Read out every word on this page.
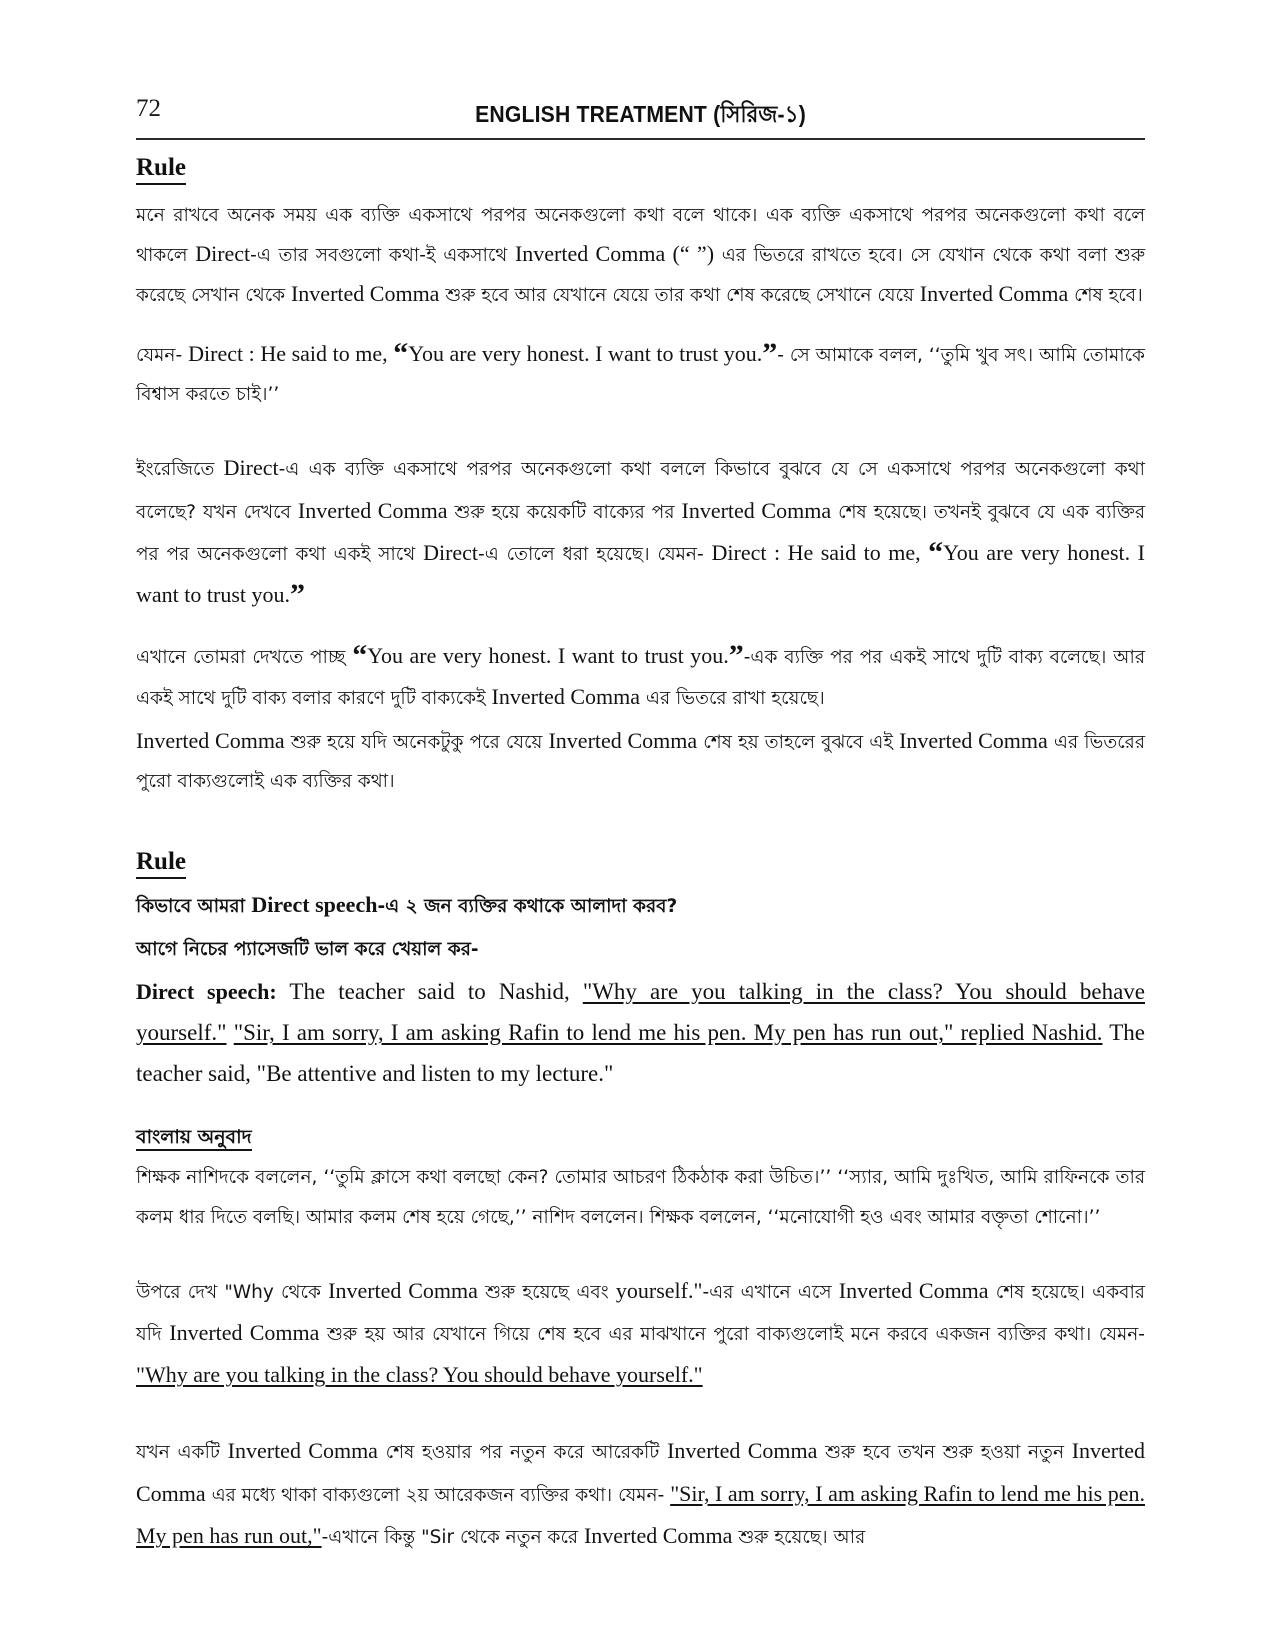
72	ENGLISH TREATMENT (সিরিজ-১)
Rule

মনে রাখবে অনেক সময় এক ব্যক্তি একসাথে পরপর অনেকগুলো কথা বলে থাকে। এক ব্যক্তি একসাথে পরপর অনেকগুলো কথা বলে থাকলে Direct-এ তার সবগুলো কথা-ই একসাথে Inverted Comma (“ ”) এর ভিতরে রাখতে হবে। সে যেখান থেকে কথা বলা শুরু করেছে সেখান থেকে Inverted Comma শুরু হবে আর যেখানে যেয়ে তার কথা শেষ করেছে সেখানে যেয়ে Inverted Comma শেষ হবে।

যেমন- Direct : He said to me, “You are very honest. I want to trust you.”- সে আমাকে বলল, ‘‘তুমি খুব সৎ। আমি তোমাকে বিশ্বাস করতে চাই।’’

ইংরেজিতে Direct-এ এক ব্যক্তি একসাথে পরপর অনেকগুলো কথা বললে কিভাবে বুঝবে যে সে একসাথে পরপর অনেকগুলো কথা বলেছে? যখন দেখবে Inverted Comma শুরু হয়ে কয়েকটি বাক্যের পর Inverted Comma শেষ হয়েছে। তখনই বুঝবে যে এক ব্যক্তির পর পর অনেকগুলো কথা একই সাথে Direct-এ তোলে ধরা হয়েছে। যেমন- Direct : He said to me, “You are very honest. I want to trust you.”

এখানে তোমরা দেখতে পাচ্ছ “You are very honest. I want to trust you.”-এক ব্যক্তি পর পর একই সাথে দুটি বাক্য বলেছে। আর একই সাথে দুটি বাক্য বলার কারণে দুটি বাক্যকেই Inverted Comma এর ভিতরে রাখা হয়েছে।

Inverted Comma শুরু হয়ে যদি অনেকটুকু পরে যেয়ে Inverted Comma শেষ হয় তাহলে বুঝবে এই Inverted Comma এর ভিতরের পুরো বাক্যগুলোই এক ব্যক্তির কথা।

Rule

কিভাবে আমরা Direct speech-এ ২ জন ব্যক্তির কথাকে আলাদা করব?

আগে নিচের প্যাসেজটি ভাল করে খেয়াল কর-

Direct speech: The teacher said to Nashid, "Why are you talking in the class? You should behave yourself." "Sir, I am sorry, I am asking Rafin to lend me his pen. My pen has run out," replied Nashid. The teacher said, "Be attentive and listen to my lecture."

বাংলায় অনুবাদ

শিক্ষক নাশিদকে বললেন, ‘‘তুমি ক্লাসে কথা বলছো কেন? তোমার আচরণ ঠিকঠাক করা উচিত।’’ ‘‘স্যার, আমি দুঃখিত, আমি রাফিনকে তার কলম ধার দিতে বলছি। আমার কলম শেষ হয়ে গেছে,’’ নাশিদ বললেন। শিক্ষক বললেন, ‘‘মনোযোগী হও এবং আমার বক্তৃতা শোনো।’’

উপরে দেখ "Why থেকে Inverted Comma শুরু হয়েছে এবং yourself."-এর এখানে এসে Inverted Comma শেষ হয়েছে। একবার যদি Inverted Comma শুরু হয় আর যেখানে গিয়ে শেষ হবে এর মাঝখানে পুরো বাক্যগুলোই মনে করবে একজন ব্যক্তির কথা। যেমন-"Why are you talking in the class? You should behave yourself."

যখন একটি Inverted Comma শেষ হওয়ার পর নতুন করে আরেকটি Inverted Comma শুরু হবে তখন শুরু হওয়া নতুন Inverted Comma এর মধ্যে থাকা বাক্যগুলো ২য় আরেকজন ব্যক্তির কথা। যেমন- "Sir, I am sorry, I am asking Rafin to lend me his pen. My pen has run out,"-এখানে কিন্তু "Sir থেকে নতুন করে Inverted Comma শুরু হয়েছে। আর
